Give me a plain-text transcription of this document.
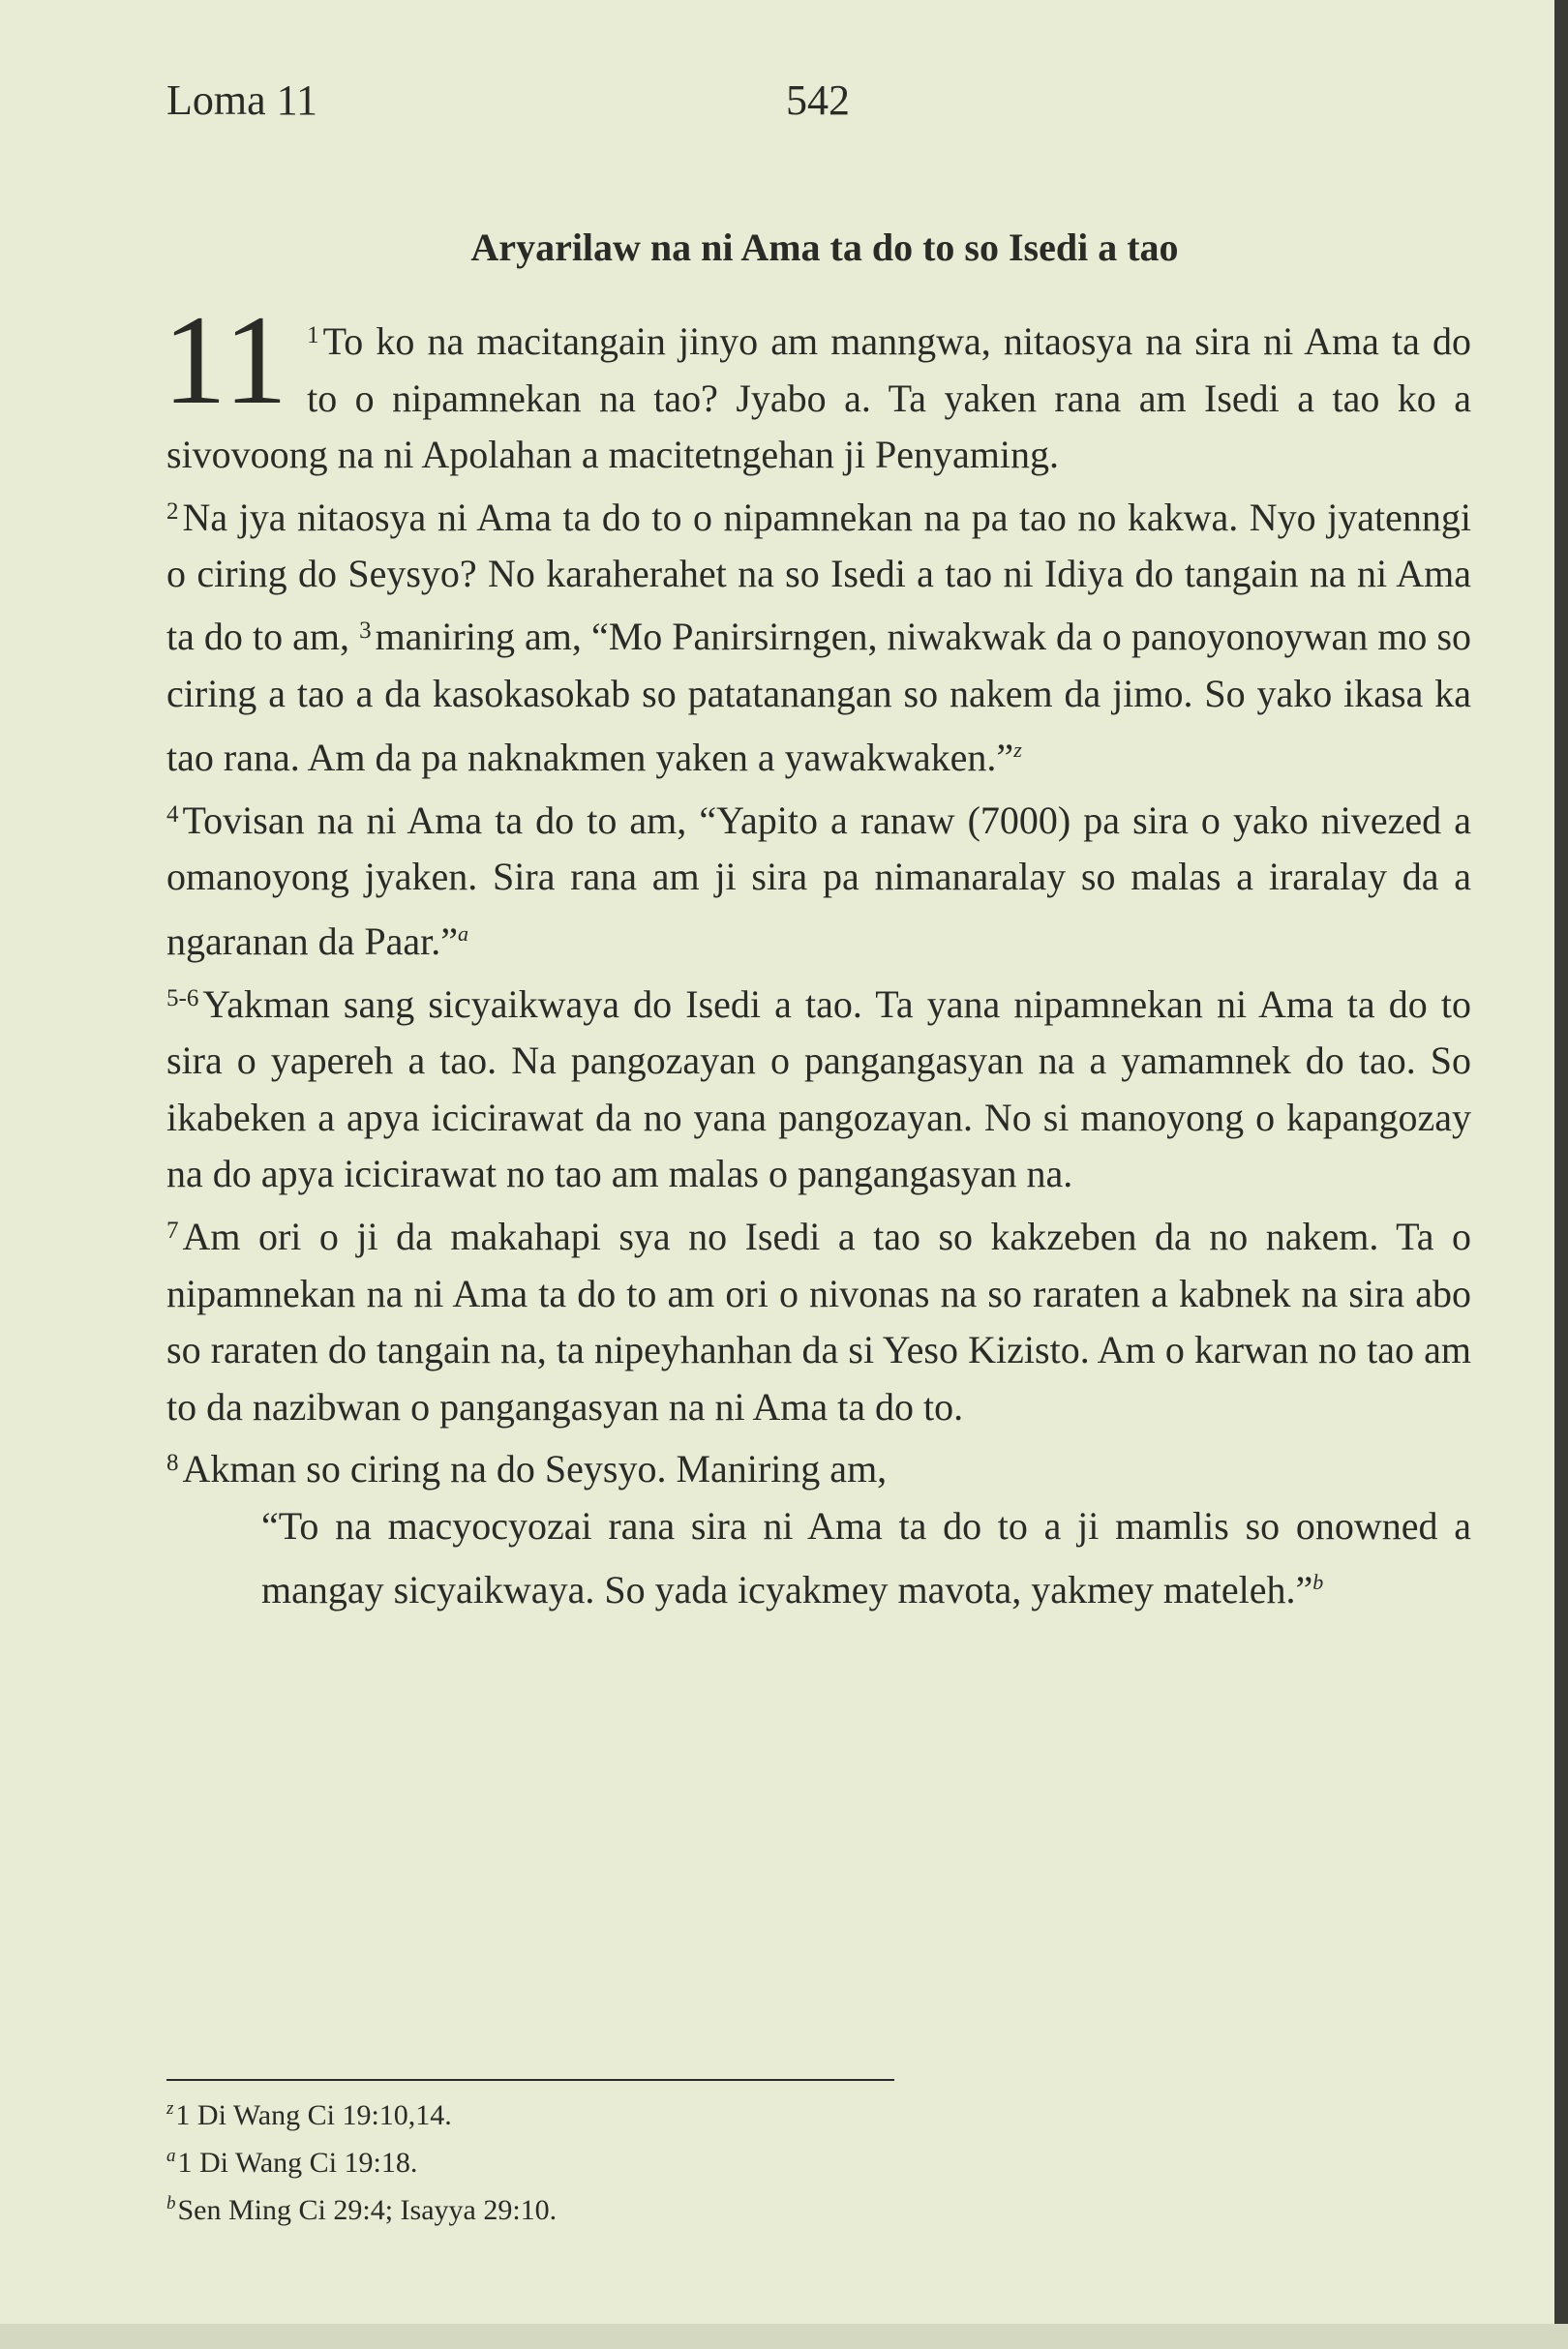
Loma 11	542
Aryarilaw na ni Ama ta do to so Isedi a tao

11 $^1$ To ko na macitangain jinyo am manngwa, nitaosya na sira ni Ama ta do to o nipamnekan na tao? Jyabo a. Ta yaken rana am Isedi a tao ko a sivovoong na ni Apolahan a macitetngehan ji Penyaming.

$^2$ Na jya nitaosya ni Ama ta do to o nipamnekan na pa tao no kakwa. Nyo jyatenngi o ciring do Seysyo? No karaherahet na so Isedi a tao ni Idiya do tangain na ni Ama ta do to am, $^3$ maniring am, “Mo Panirsirngen, niwakwak da o panoyonoywan mo so ciring a tao a da kasokasokab so patatanangan so nakem da jimo. So yako ikasa ka tao rana. Am da pa naknakmen yaken a yawakwaken.”$^z$

$^4$ Tovisan na ni Ama ta do to am, “Yapito a ranaw (7000) pa sira o yako nivezed a omanoyong jyaken. Sira rana am ji sira pa nimanaralay so malas a iraralay da a ngaranan da Paar.”$^a$

$^{5-6}$ Yakman sang sicyaikwaya do Isedi a tao. Ta yana nipamnekan ni Ama ta do to sira o yapereh a tao. Na pangozayan o pangangasyan na a yamamnek do tao. So ikabeken a apya icicirawat da no yana pangozayan. No si manoyong o kapangozay na do apya icicirawat no tao am malas o pangangasyan na.

$^7$ Am ori o ji da makahapi sya no Isedi a tao so kakzeben da no nakem. Ta o nipamnekan na ni Ama ta do to am ori o nivonas na so raraten a kabnek na sira abo so raraten do tangain na, ta nipeyhanhan da si Yeso Kizisto. Am o karwan no tao am to da nazibwan o pangangasyan na ni Ama ta do to.

$^8$ Akman so ciring na do Seysyo. Maniring am,

“To na macyocyozai rana sira ni Ama ta do to a ji mamlis so onowned a mangay sicyaikwaya. So yada icyakmey mavota, yakmey mateleh.”$^b$

$^z$1 Di Wang Ci 19:10,14.
$^a$1 Di Wang Ci 19:18.
$^b$Sen Ming Ci 29:4; Isayya 29:10.
